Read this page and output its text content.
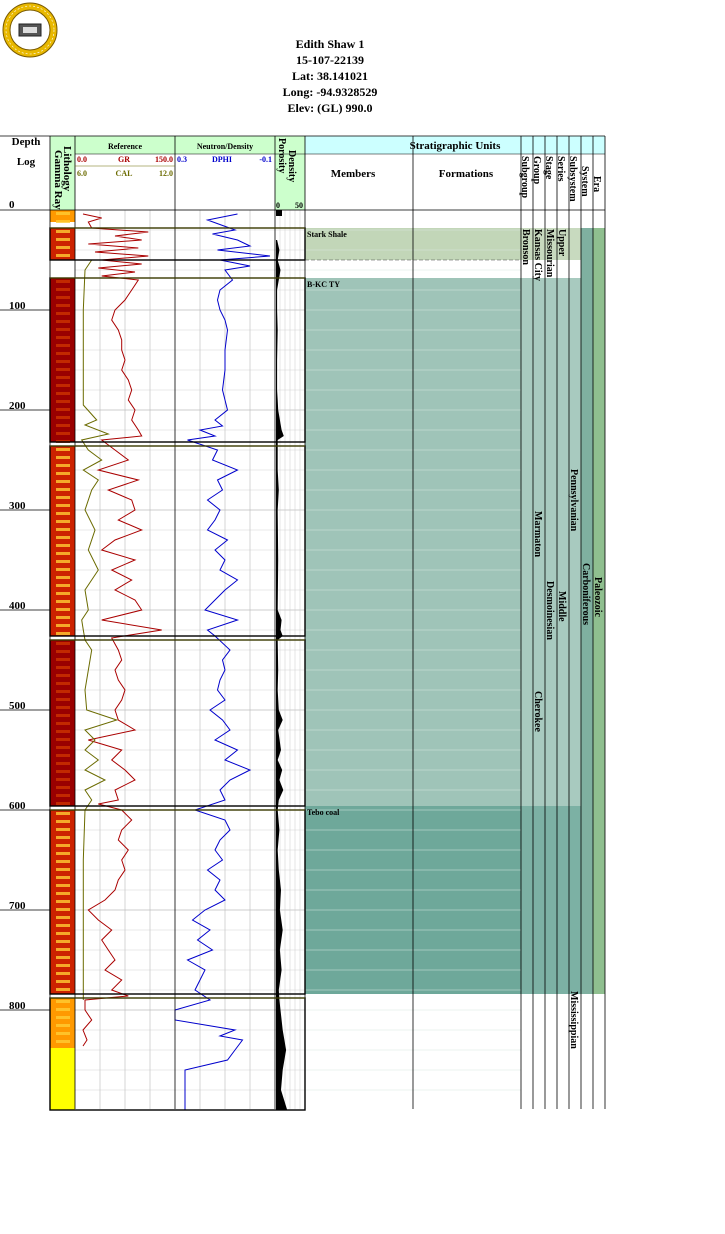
Edith Shaw 1
15-107-22139
Lat: 38.141021
Long: -94.9328529
Elev: (GL) 990.0
Stark Shale
B-KC TY
Tebo coal
Bronson Kansas City
Marmaton
Cherokee
Missourian
Desmoinesian
Upper
Middle
Pennsylvanian
Mississippian
Carboniferous Paleozoic
Depth
Log Gamma Ray
Lithology	Reference	Neutron/Density Porosity Density
Stratigraphic Units
Members	Formations	Subgroup Group Stage Series Subsystem System Era
0.0	GR	150.0
6.0	CAL	12.0
0.3	DPHI	-0.1
0 50
0
100
200
300
400
500
600
700
800
